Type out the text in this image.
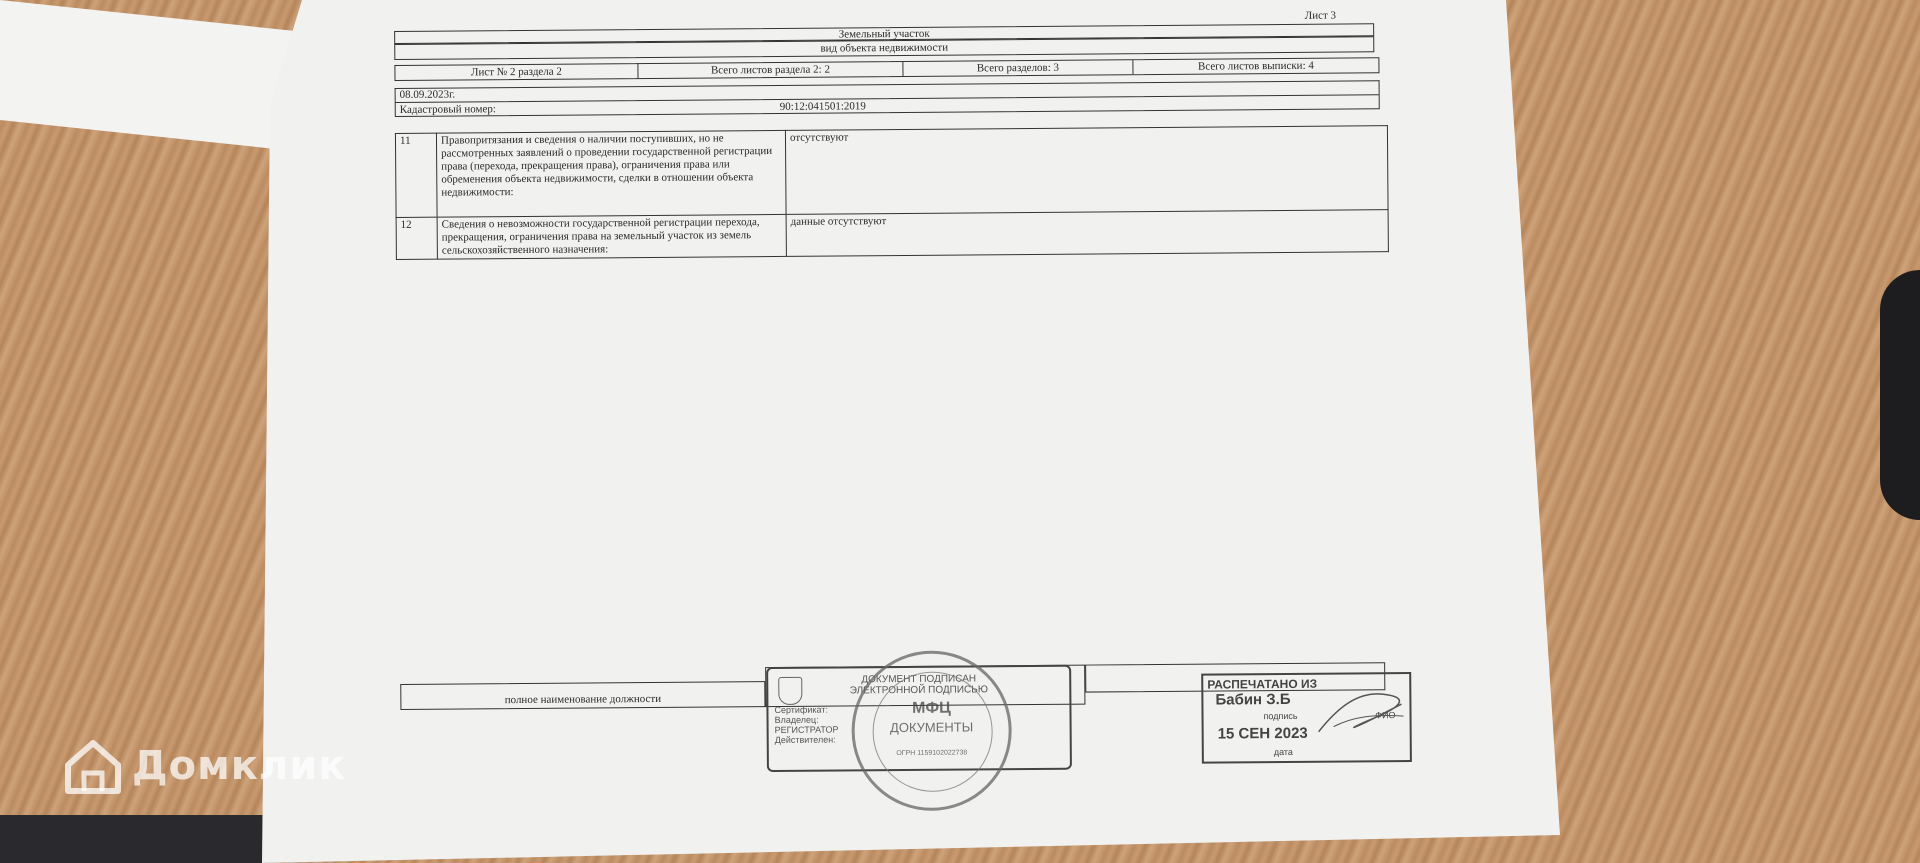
Лист 3
Земельный участок
вид объекта недвижимости
Лист № 2 раздела 2	Всего листов раздела 2: 2	Всего разделов: 3	Всего листов выписки: 4
08.09.2023г.
Кадастровый номер:	90:12:041501:2019
11	Правопритязания и сведения о наличии поступивших, но не рассмотренных заявлений о проведении государственной регистрации права (перехода, прекращения права), ограничения права или обременения объекта недвижимости, сделки в отношении объекта недвижимости:	отсутствуют
12	Сведения о невозможности государственной регистрации перехода, прекращения, ограничения права на земельный участок из земель сельскохозяйственного назначения:	данные отсутствуют
полное наименование должности
ДОКУМЕНТ ПОДПИСАН
ЭЛЕКТРОННОЙ ПОДПИСЬЮ
Сертификат:
Владелец:
РЕГИСТРАТОР
Действителен:
МФЦ
ДОКУМЕНТЫ
ОГРН 1159102022738
РАСПЕЧАТАНО ИЗ
Бабин З.Б
ФИО
подпись
15 СЕН 2023
дата
Домклик
